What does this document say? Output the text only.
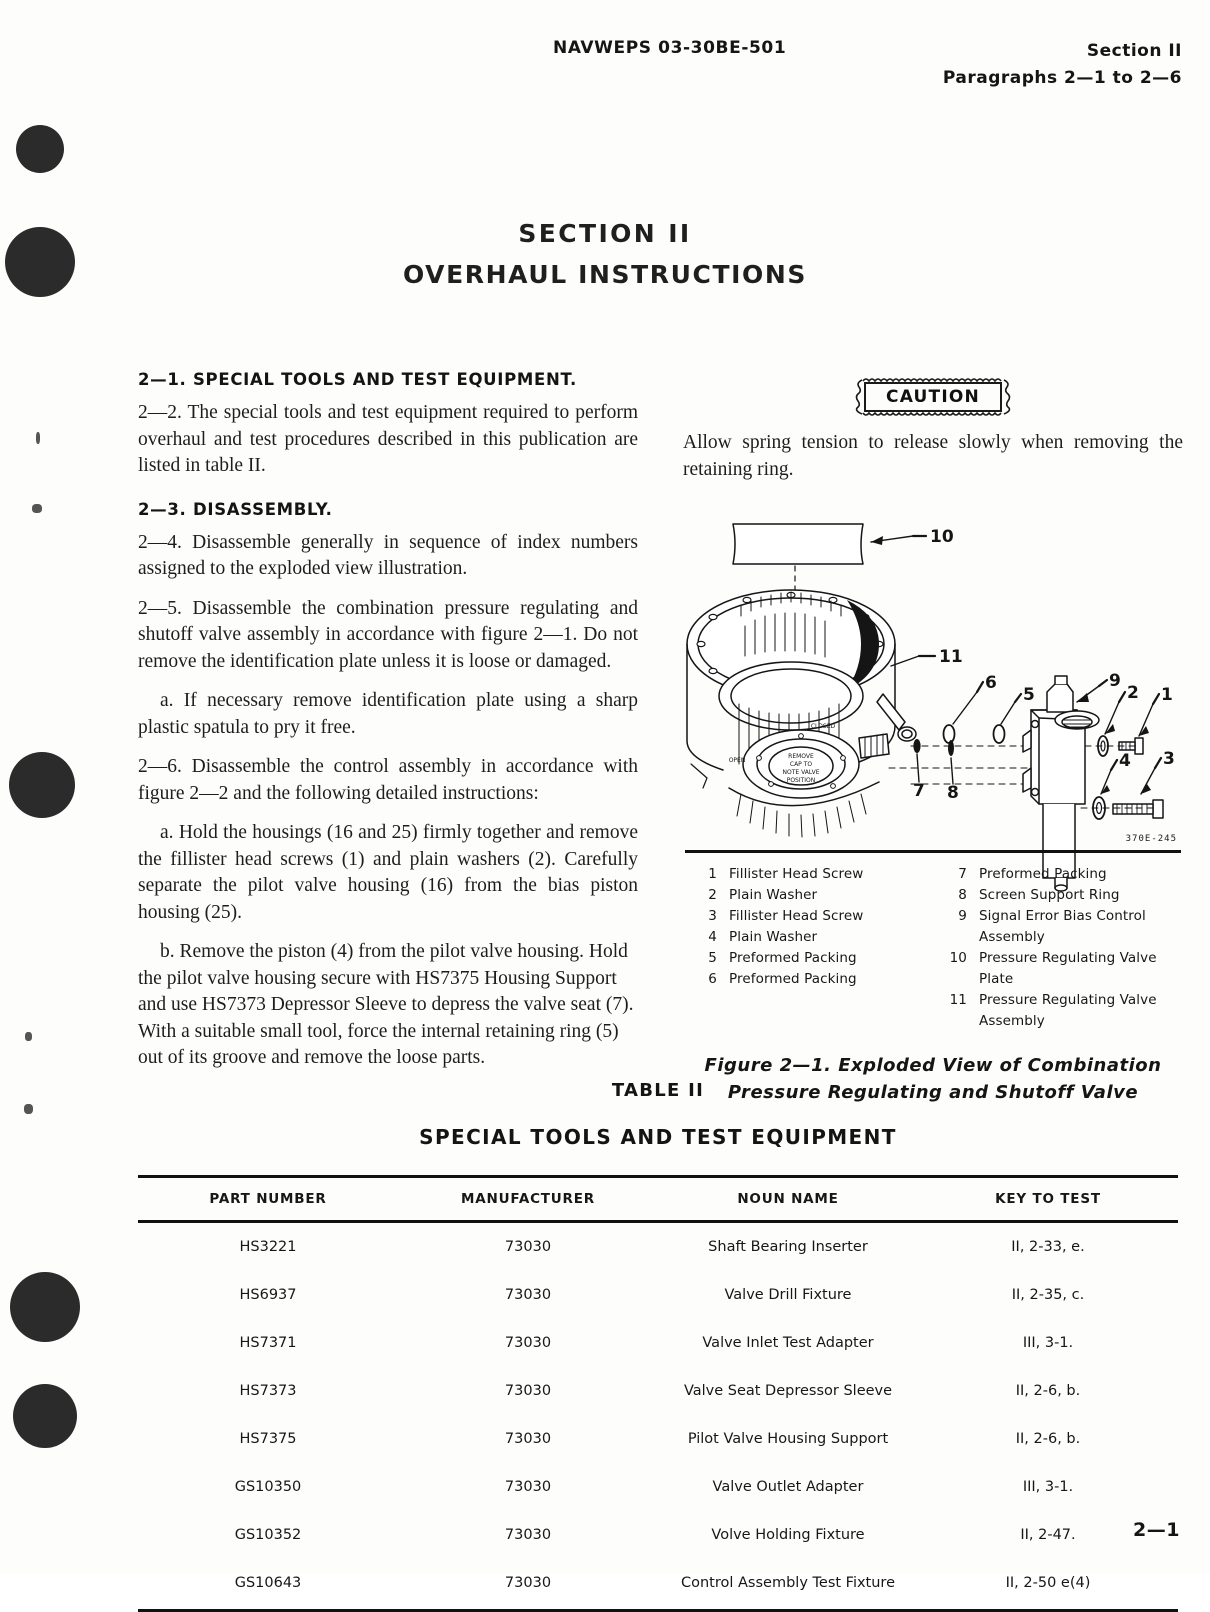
NAVWEPS 03-30BE-501	Section II
Paragraphs 2—1 to 2—6
SECTION II
OVERHAUL INSTRUCTIONS
2—1. SPECIAL TOOLS AND TEST EQUIPMENT.

2—2. The special tools and test equipment required to perform overhaul and test procedures described in this publication are listed in table II.

2—3. DISASSEMBLY.

2—4. Disassemble generally in sequence of index numbers assigned to the exploded view illustration.

2—5. Disassemble the combination pressure regulating and shutoff valve assembly in accordance with figure 2—1. Do not remove the identification plate unless it is loose or damaged.

a. If necessary remove identification plate using a sharp plastic spatula to pry it free.

2—6. Disassemble the control assembly in accordance with figure 2—2 and the following detailed instructions:

a. Hold the housings (16 and 25) firmly together and remove the fillister head screws (1) and plain washers (2). Carefully separate the pilot valve housing (16) from the bias piston housing (25).

b. Remove the piston (4) from the pilot valve housing. Hold the pilot valve housing secure with HS7375 Housing Support and use HS7373 Depressor Sleeve to depress the valve seat (7). With a suitable small tool, force the internal retaining ring (5) out of its groove and remove the loose parts.

CAUTION

Allow spring tension to release slowly when removing the retaining ring.

10
11
6
5
9
2 1
4 3
7 8
REMOVE
CAP TO
NOTE VALVE
POSITION
OPEN
CLOSED
370E-245
1 Fillister Head Screw
2 Plain Washer
3 Fillister Head Screw
4 Plain Washer
5 Preformed Packing
6 Preformed Packing
7 Preformed Packing
8 Screen Support Ring
9 Signal Error Bias Control Assembly
10 Pressure Regulating Valve Plate
11 Pressure Regulating Valve Assembly
Figure 2—1. Exploded View of Combination
Pressure Regulating and Shutoff Valve
TABLE II
SPECIAL TOOLS AND TEST EQUIPMENT
PART NUMBER	MANUFACTURER	NOUN NAME	KEY TO TEST
HS3221	73030	Shaft Bearing Inserter	II, 2-33, e.
HS6937	73030	Valve Drill Fixture	II, 2-35, c.
HS7371	73030	Valve Inlet Test Adapter	III, 3-1.
HS7373	73030	Valve Seat Depressor Sleeve	II, 2-6, b.
HS7375	73030	Pilot Valve Housing Support	II, 2-6, b.
GS10350	73030	Valve Outlet Adapter	III, 3-1.
GS10352	73030	Volve Holding Fixture	II, 2-47.
GS10643	73030	Control Assembly Test Fixture	II, 2-50 e(4)
2—1
